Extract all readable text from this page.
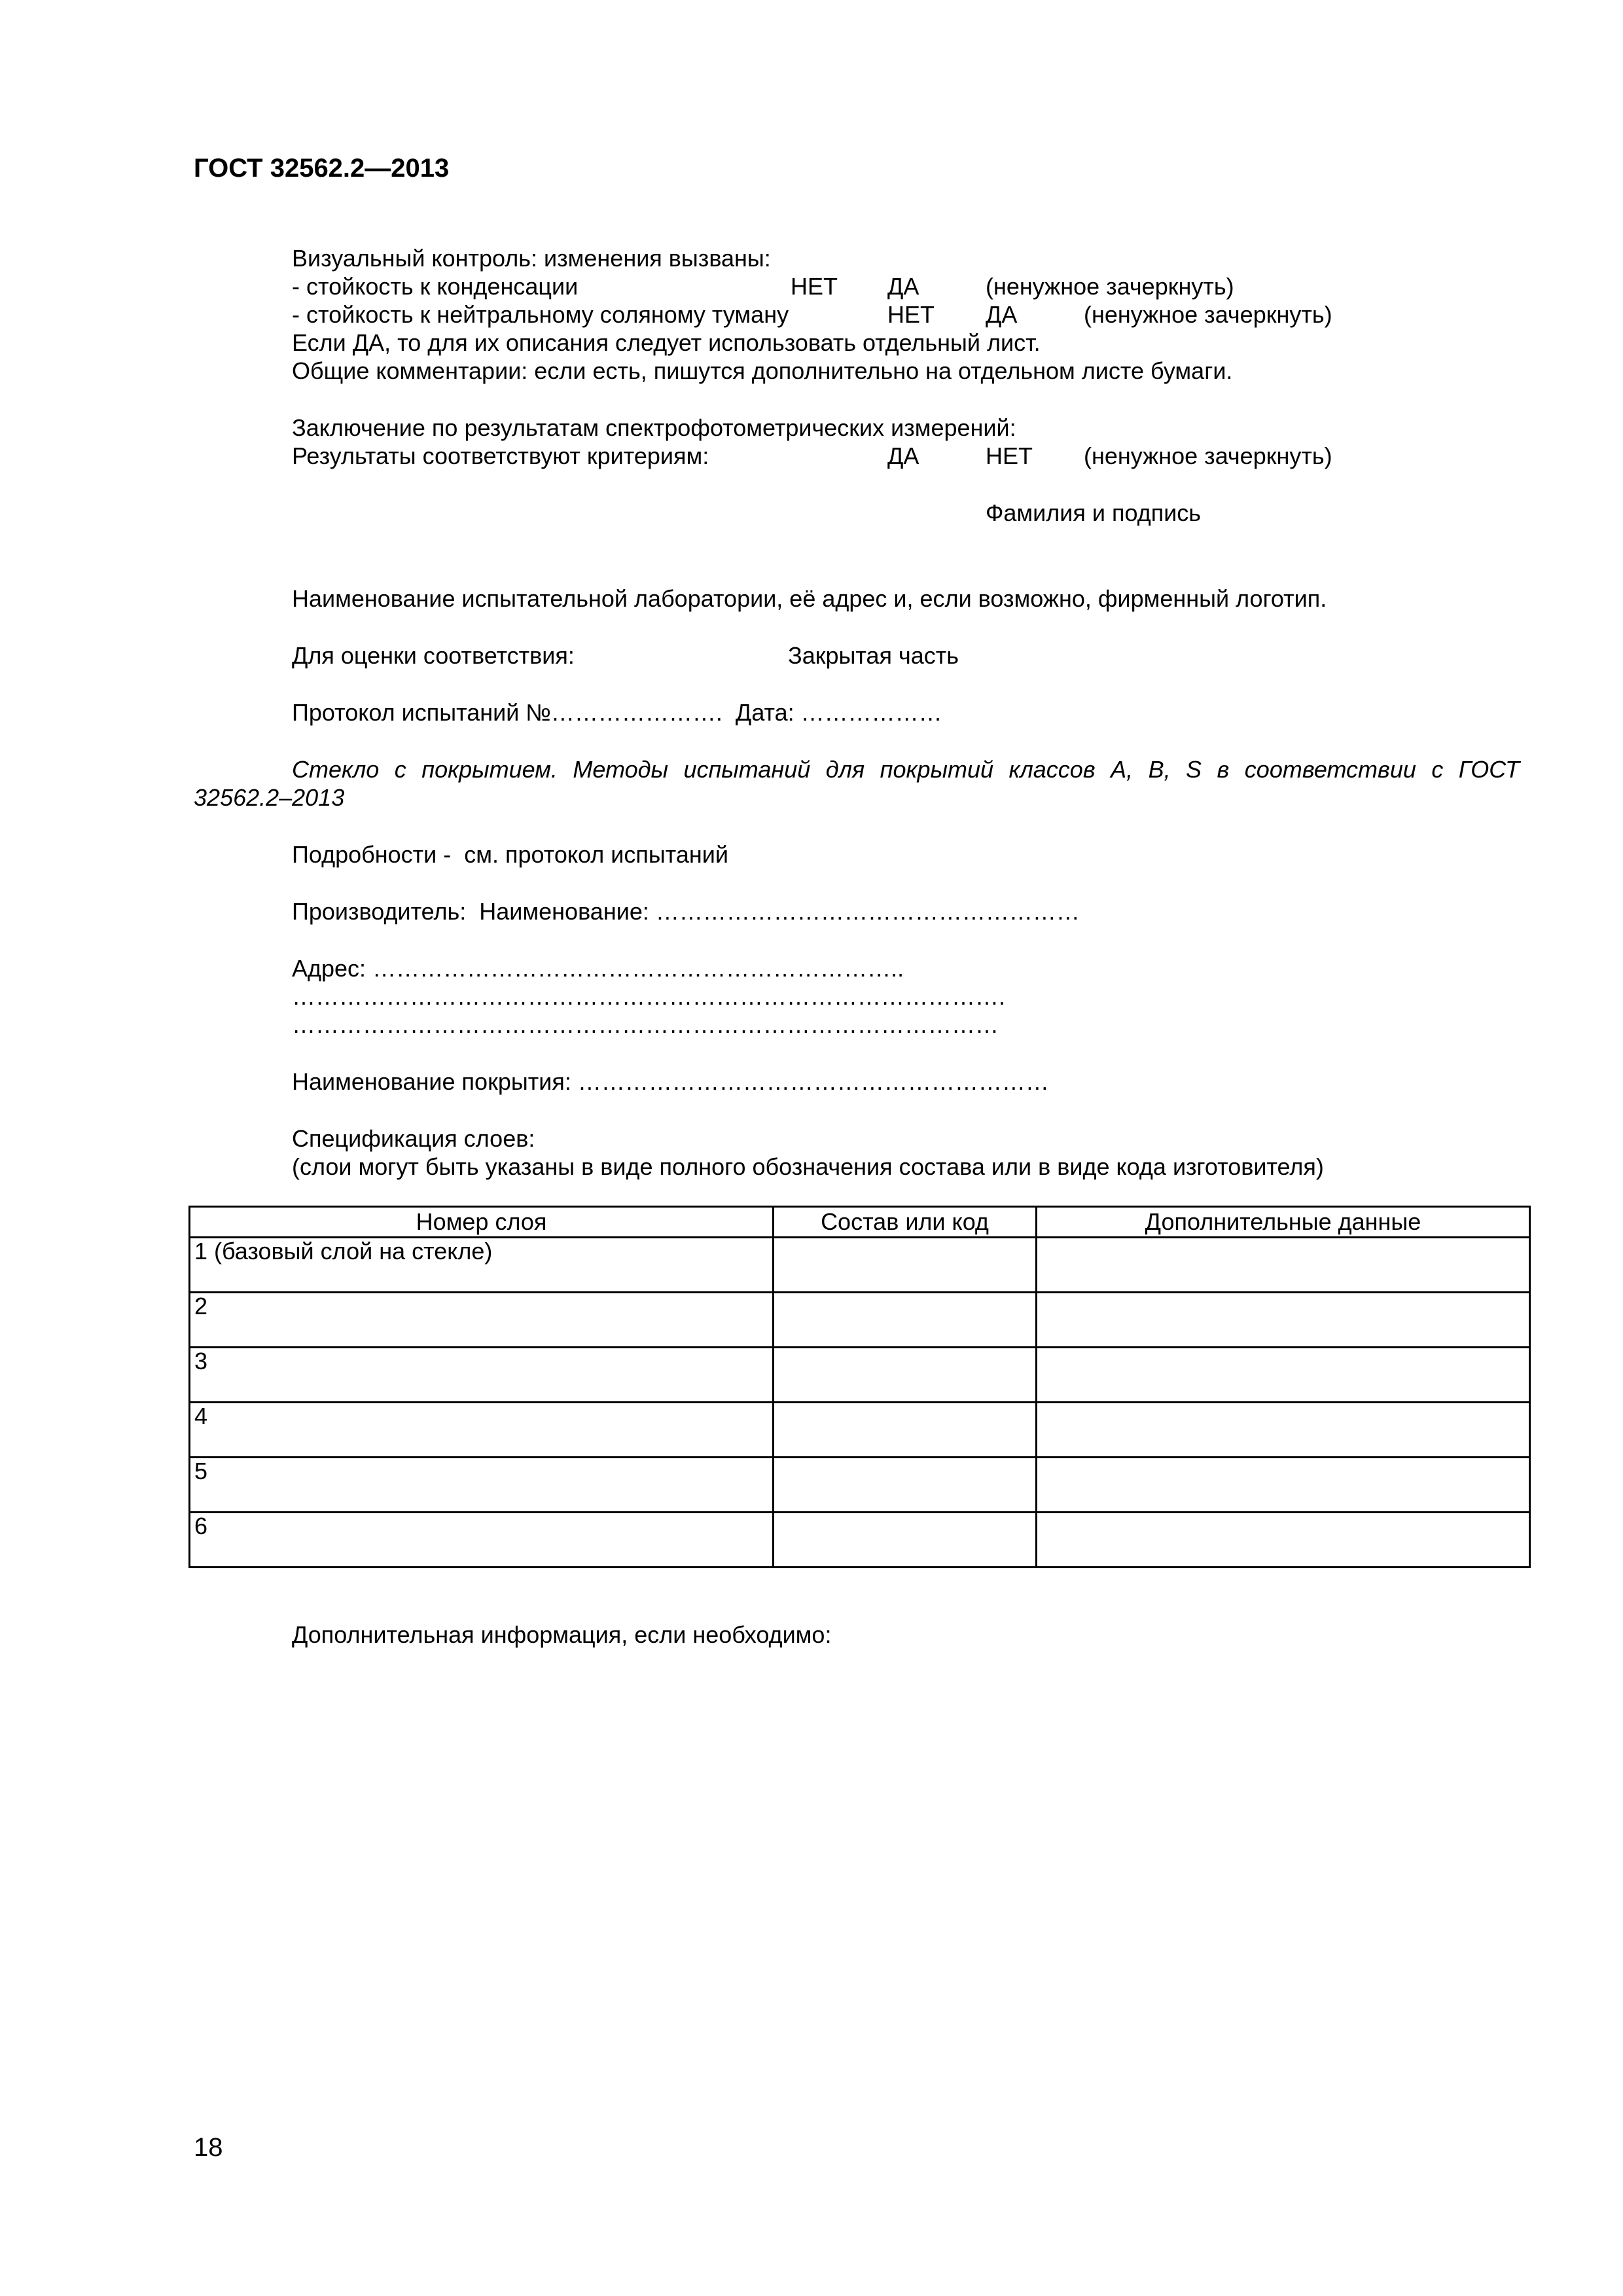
ГОСТ 32562.2—2013
Визуальный контроль: изменения вызваны:
- стойкость к конденсации	НЕТ ДА	(ненужное зачеркнуть)
- стойкость к нейтральному соляному туману	НЕТ ДА	(ненужное зачеркнуть)
Если ДА, то для их описания следует использовать отдельный лист.
Общие комментарии: если есть, пишутся дополнительно на отдельном листе бумаги.
Заключение по результатам спектрофотометрических измерений:
Результаты соответствуют критериям:	ДА	НЕТ (ненужное зачеркнуть)
Фамилия и подпись
Наименование испытательной лаборатории, её адрес и, если возможно, фирменный логотип.
Для оценки соответствия:	Закрытая часть
Протокол испытаний №………………….  Дата: ………………
Стекло с покрытием. Методы испытаний для покрытий классов A, B, S в соответствии с ГОСТ
32562.2–2013
Подробности -  см. протокол испытаний
Производитель:  Наименование: ………………………………………………
Адрес: …………………………………………………………..
……………………………………………………………………………….
………………………………………………………………………………
Наименование покрытия: ……………………………………………………
Спецификация слоев:
(слои могут быть указаны в виде полного обозначения состава или в виде кода изготовителя)
Номер слоя	Состав или код	Дополнительные данные
1 (базовый слой на стекле)		
2		
3		
4		
5		
6		
Дополнительная информация, если необходимо:
18
